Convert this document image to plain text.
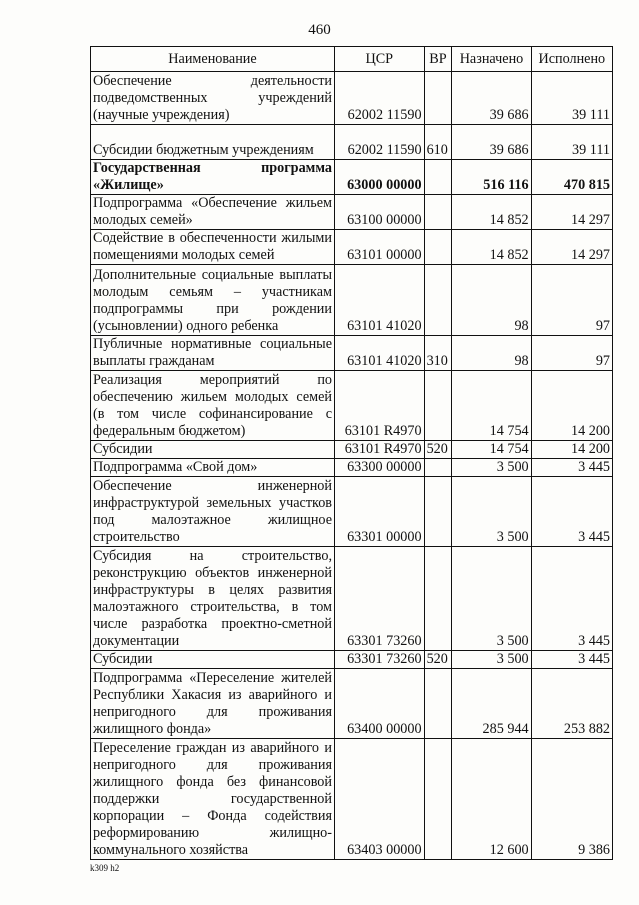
460
Наименование	ЦСР	ВР	Назначено	Исполнено
Обеспечение деятельности подведомственных учреждений (научные учреждения)	62002 11590		39 686	39 111
Субсидии бюджетным учреждениям	62002 11590	610	39 686	39 111
Государственная программа «Жилище»	63000 00000		516 116	470 815
Подпрограмма «Обеспечение жильем молодых семей»	63100 00000		14 852	14 297
Содействие в обеспеченности жилыми помещениями молодых семей	63101 00000		14 852	14 297
Дополнительные социальные выплаты молодым семьям – участникам подпрограммы при рождении (усыновлении) одного ребенка	63101 41020		98	97
Публичные нормативные социальные выплаты гражданам	63101 41020	310	98	97
Реализация мероприятий по обеспечению жильем молодых семей (в том числе софинансирование с федеральным бюджетом)	63101 R4970		14 754	14 200
Субсидии	63101 R4970	520	14 754	14 200
Подпрограмма «Свой дом»	63300 00000		3 500	3 445
Обеспечение инженерной инфраструктурой земельных участков под малоэтажное жилищное строительство	63301 00000		3 500	3 445
Субсидия на строительство, реконструкцию объектов инженерной инфраструктуры в целях развития малоэтажного строительства, в том числе разработка проектно-сметной документации	63301 73260		3 500	3 445
Субсидии	63301 73260	520	3 500	3 445
Подпрограмма «Переселение жителей Республики Хакасия из аварийного и непригодного для проживания жилищного фонда»	63400 00000		285 944	253 882
Переселение граждан из аварийного и непригодного для проживания жилищного фонда без финансовой поддержки государственной корпорации – Фонда содействия реформированию жилищно-коммунального хозяйства	63403 00000		12 600	9 386
k309 h2
